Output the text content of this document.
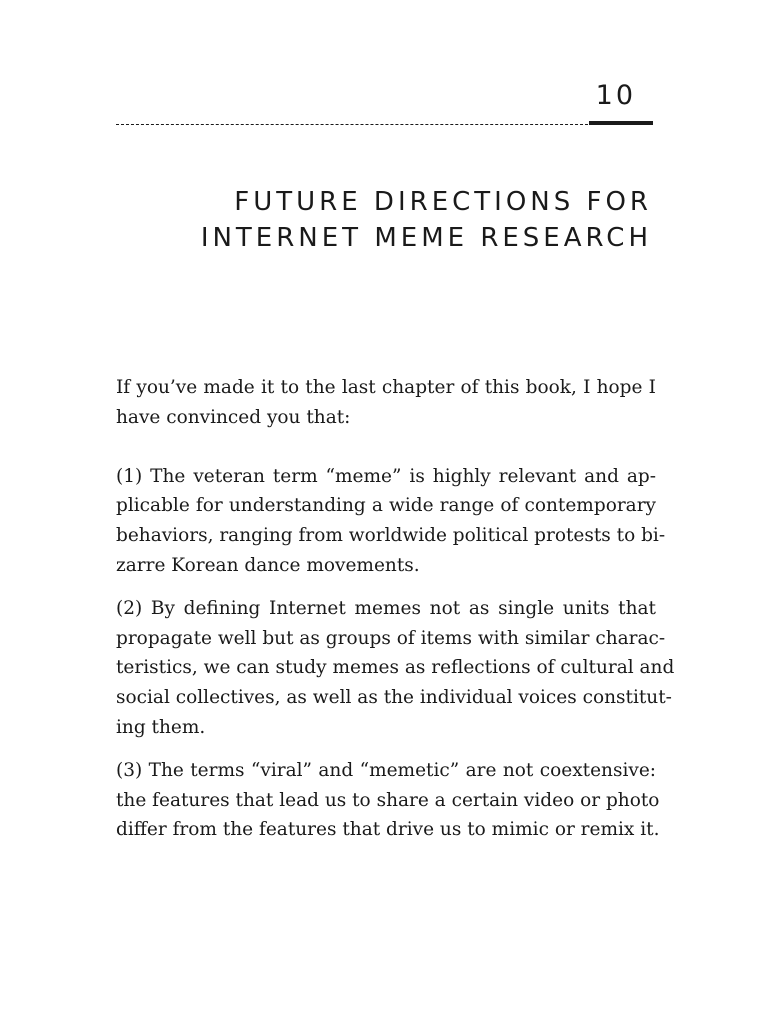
10
FUTURE DIRECTIONS FOR
INTERNET MEME RESEARCH

If you’ve made it to the last chapter of this book, I hope I
have convinced you that:

(1) The veteran term “meme” is highly relevant and ap-
plicable for understanding a wide range of contemporary
behaviors, ranging from worldwide political protests to bi-
zarre Korean dance movements.

(2) By defining Internet memes not as single units that
propagate well but as groups of items with similar charac-
teristics, we can study memes as reflections of cultural and
social collectives, as well as the individual voices constitut-
ing them.

(3) The terms “viral” and “memetic” are not coextensive:
the features that lead us to share a certain video or photo
differ from the features that drive us to mimic or remix it.
